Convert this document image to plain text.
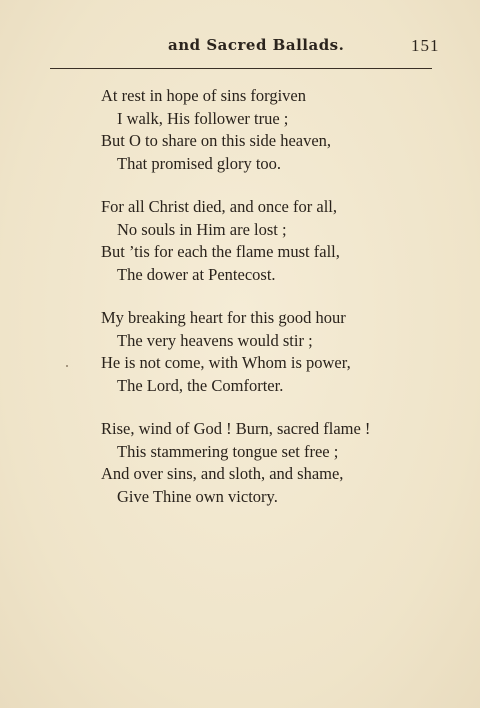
and Sacred Ballads.	151
At rest in hope of sins forgiven
I walk, His follower true ;
But O to share on this side heaven,
That promised glory too.
For all Christ died, and once for all,
No souls in Him are lost ;
But ’tis for each the flame must fall,
The dower at Pentecost.
My breaking heart for this good hour
The very heavens would stir ;
He is not come, with Whom is power,
The Lord, the Comforter.
Rise, wind of God ! Burn, sacred flame !
This stammering tongue set free ;
And over sins, and sloth, and shame,
Give Thine own victory.
